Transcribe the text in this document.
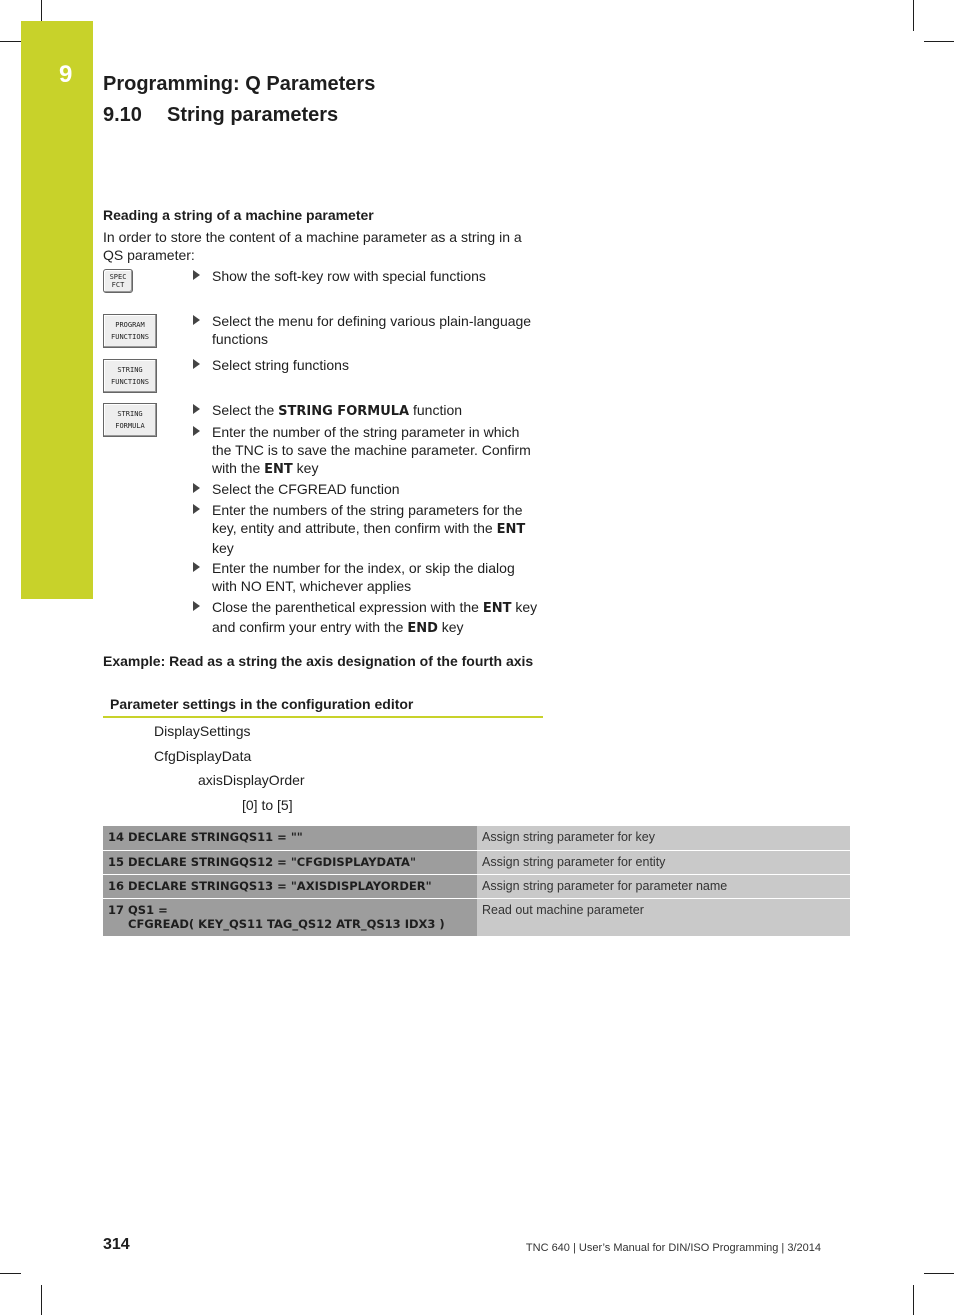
9	Programming: Q Parameters
9.10 String parameters
Reading a string of a machine parameter
In order to store the content of a machine parameter as a string in a QS parameter:
SPEC
FCT
PROGRAM
FUNCTIONS
STRING
FUNCTIONS
STRING
FORMULA
Show the soft-key row with special functions
Select the menu for defining various plain-language functions
Select string functions
Select the STRING FORMULA function
Enter the number of the string parameter in which the TNC is to save the machine parameter. Confirm with the ENT key
Select the CFGREAD function
Enter the numbers of the string parameters for the key, entity and attribute, then confirm with the ENT key
Enter the number for the index, or skip the dialog with NO ENT, whichever applies
Close the parenthetical expression with the ENT key and confirm your entry with the END key
Example: Read as a string the axis designation of the fourth axis
Parameter settings in the configuration editor
DisplaySettings
CfgDisplayData
axisDisplayOrder
[0] to [5]
14 DECLARE STRINGQS11 = ""	Assign string parameter for key
15 DECLARE STRINGQS12 = "CFGDISPLAYDATA"	Assign string parameter for entity
16 DECLARE STRINGQS13 = "AXISDISPLAYORDER"	Assign string parameter for parameter name

17 QS1 =
CFGREAD( KEY_QS11 TAG_QS12 ATR_QS13 IDX3 )	Read out machine parameter
314	TNC 640 | User’s Manual for DIN/ISO Programming | 3/2014
